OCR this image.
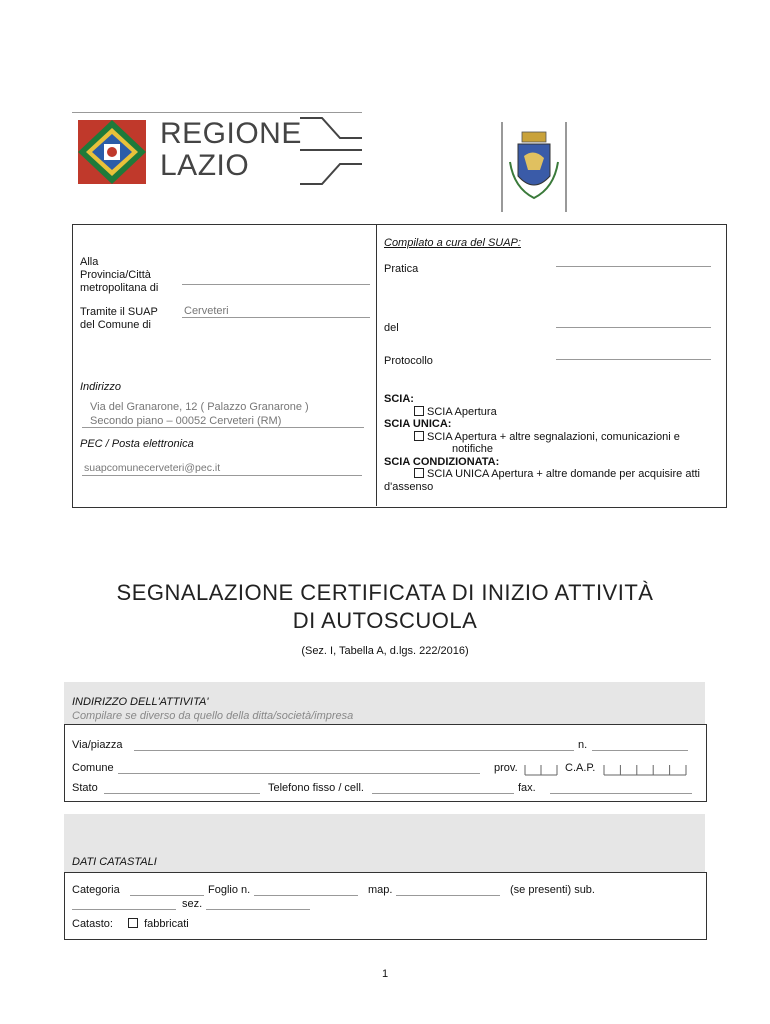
REGIONE
LAZIO
Alla
Provincia/Città
metropolitana di
Tramite il SUAP
del Comune di
Cerveteri
Indirizzo
Via del Granarone, 12 ( Palazzo Granarone )
Secondo piano – 00052 Cerveteri (RM)
PEC / Posta elettronica
suapcomunecerveteri@pec.it
Compilato a cura del SUAP:
Pratica
del
Protocollo
SCIA:
SCIA Apertura
SCIA UNICA:
SCIA Apertura + altre segnalazioni, comunicazioni e
notifiche
SCIA CONDIZIONATA:
SCIA UNICA Apertura + altre domande per acquisire atti
d'assenso
SEGNALAZIONE CERTIFICATA DI INIZIO ATTIVITÀ
DI AUTOSCUOLA
(Sez. I, Tabella A, d.lgs. 222/2016)
INDIRIZZO DELL'ATTIVITA'
Compilare se diverso da quello della ditta/società/impresa
Via/piazza	n.
Comune	prov.	C.A.P.
Stato	Telefono fisso / cell.	fax.
DATI CATASTALI
Categoria	Foglio n.	map.	(se presenti) sub.
sez.
Catasto:	fabbricati
1
